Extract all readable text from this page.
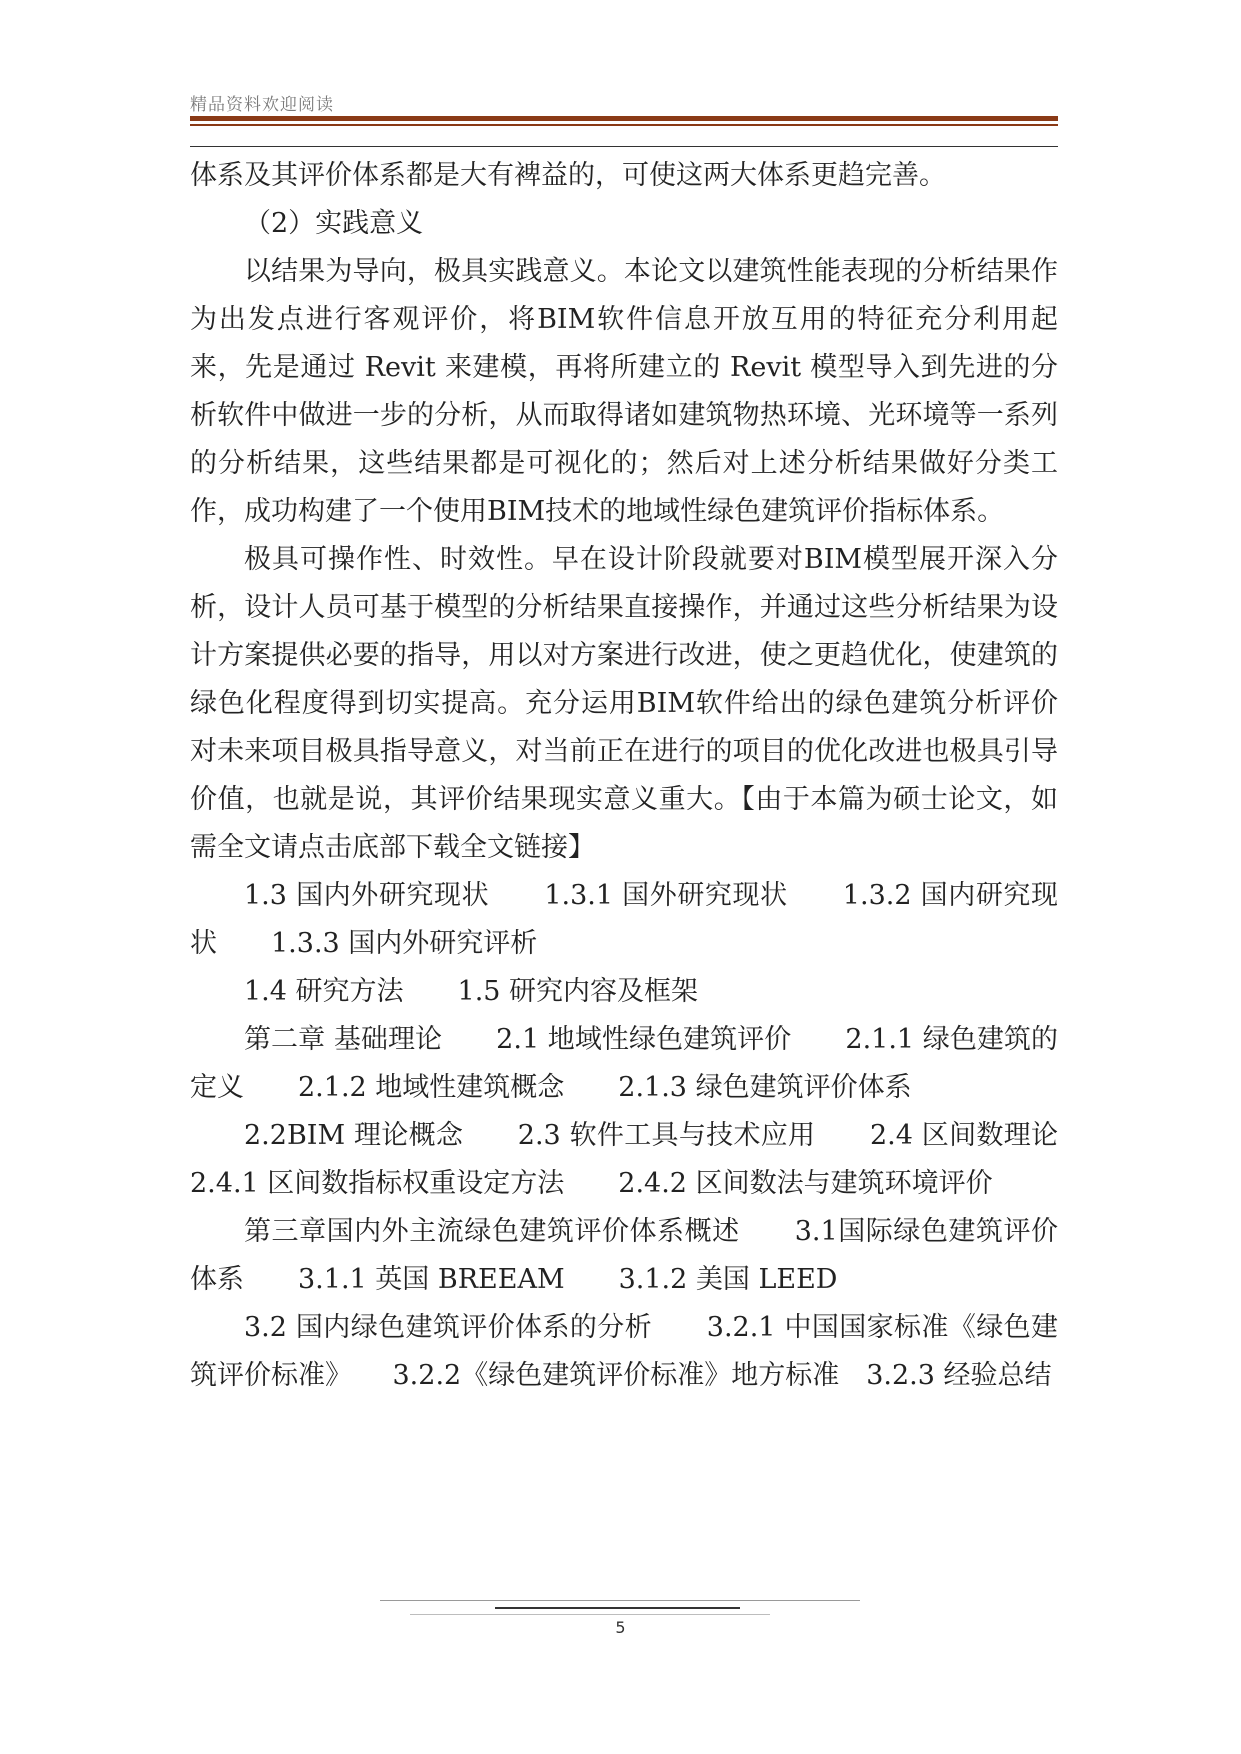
精品资料欢迎阅读

体系及其评价体系都是大有裨益的，可使这两大体系更趋完善。

（2）实践意义

以结果为导向，极具实践意义。本论文以建筑性能表现的分析结果作为出发点进行客观评价，将BIM软件信息开放互用的特征充分利用起来，先是通过 Revit 来建模，再将所建立的 Revit 模型导入到先进的分析软件中做进一步的分析，从而取得诸如建筑物热环境、光环境等一系列的分析结果，这些结果都是可视化的；然后对上述分析结果做好分类工作，成功构建了一个使用BIM技术的地域性绿色建筑评价指标体系。

极具可操作性、时效性。早在设计阶段就要对BIM模型展开深入分析，设计人员可基于模型的分析结果直接操作，并通过这些分析结果为设计方案提供必要的指导，用以对方案进行改进，使之更趋优化，使建筑的绿色化程度得到切实提高。充分运用BIM软件给出的绿色建筑分析评价对未来项目极具指导意义，对当前正在进行的项目的优化改进也极具引导价值，也就是说，其评价结果现实意义重大。【由于本篇为硕士论文，如需全文请点击底部下载全文链接】

1.3 国内外研究现状　　1.3.1 国外研究现状　　1.3.2 国内研究现状　　1.3.3 国内外研究评析

1.4 研究方法　　1.5 研究内容及框架

第二章 基础理论　　2.1 地域性绿色建筑评价　　2.1.1 绿色建筑的定义　　2.1.2 地域性建筑概念　　2.1.3 绿色建筑评价体系

2.2BIM 理论概念　　2.3 软件工具与技术应用　　2.4 区间数理论　　2.4.1 区间数指标权重设定方法　　2.4.2 区间数法与建筑环境评价

第三章国内外主流绿色建筑评价体系概述　　3.1国际绿色建筑评价体系　　3.1.1 英国 BREEAM　　3.1.2 美国 LEED

3.2 国内绿色建筑评价体系的分析　　3.2.1 中国国家标准《绿色建筑评价标准》　　3.2.2《绿色建筑评价标准》地方标准　3.2.3 经验总结

5
